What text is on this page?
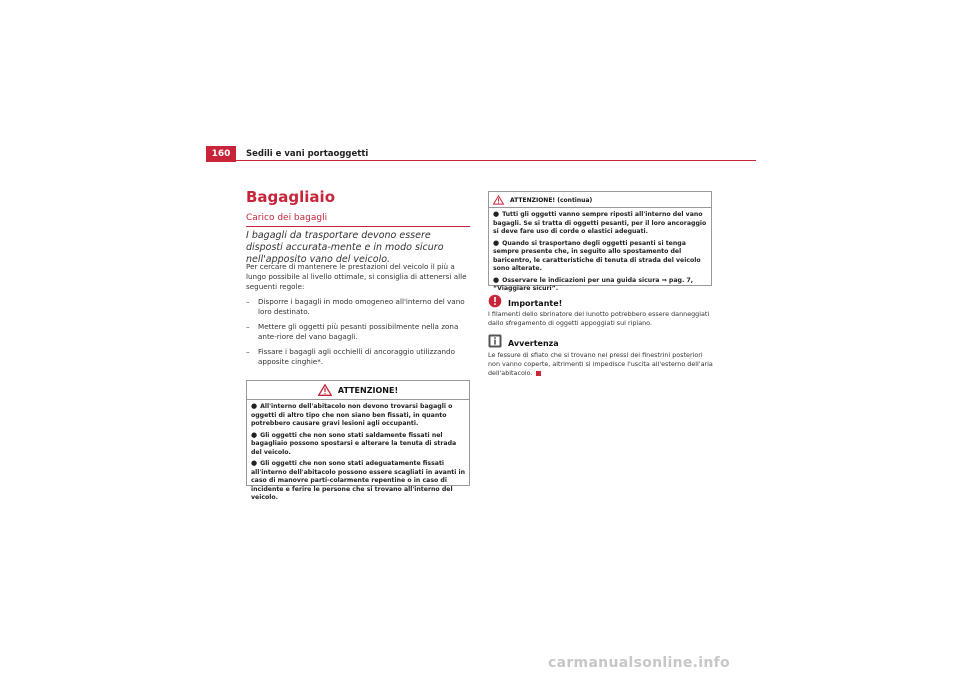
160	Sedili e vani portaoggetti
Bagagliaio
Carico dei bagagli
I bagagli da trasportare devono essere disposti accurata-mente e in modo sicuro nell'apposito vano del veicolo.
Per cercare di mantenere le prestazioni del veicolo il più a lungo possibile al livello ottimale, si consiglia di attenersi alle seguenti regole:
– Disporre i bagagli in modo omogeneo all'interno del vano loro destinato.
– Mettere gli oggetti più pesanti possibilmente nella zona ante-riore del vano bagagli.
– Fissare i bagagli agli occhielli di ancoraggio utilizzando apposite cinghie*.
ATTENZIONE!
● All'interno dell'abitacolo non devono trovarsi bagagli o oggetti di altro tipo che non siano ben fissati, in quanto potrebbero causare gravi lesioni agli occupanti.
● Gli oggetti che non sono stati saldamente fissati nel bagagliaio possono spostarsi e alterare la tenuta di strada del veicolo.
● Gli oggetti che non sono stati adeguatamente fissati all'interno dell'abitacolo possono essere scagliati in avanti in caso di manovre parti-colarmente repentine o in caso di incidente e ferire le persone che si trovano all'interno del veicolo.
ATTENZIONE! (continua)
● Tutti gli oggetti vanno sempre riposti all'interno del vano bagagli. Se si tratta di oggetti pesanti, per il loro ancoraggio si deve fare uso di corde o elastici adeguati.
● Quando si trasportano degli oggetti pesanti si tenga sempre presente che, in seguito allo spostamento del baricentro, le caratteristiche di tenuta di strada del veicolo sono alterate.
● Osservare le indicazioni per una guida sicura ⇒ pag. 7, “Viaggiare sicuri”.
Importante!
I filamenti dello sbrinatore del lunotto potrebbero essere danneggiati dallo sfregamento di oggetti appoggiati sul ripiano.
Avvertenza
Le fessure di sfiato che si trovano nei pressi dei finestrini posteriori non vanno coperte, altrimenti si impedisce l'uscita all'esterno dell'aria dell'abitacolo.
carmanualsonline.info
